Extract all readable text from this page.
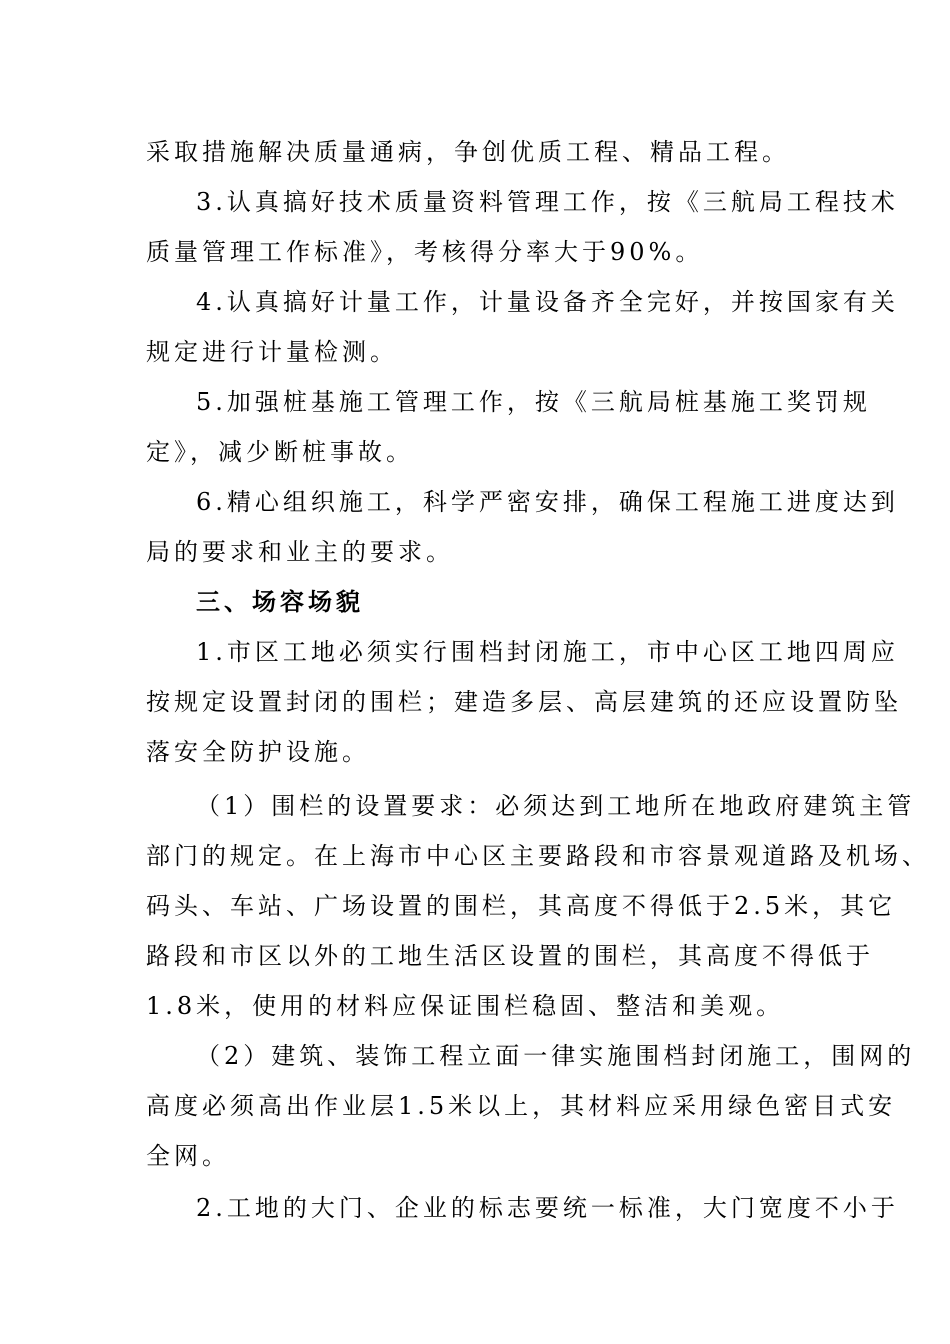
采取措施解决质量通病，争创优质工程、精品工程。
3.认真搞好技术质量资料管理工作，按《三航局工程技术
质量管理工作标准》，考核得分率大于90%。
4.认真搞好计量工作，计量设备齐全完好，并按国家有关
规定进行计量检测。
5.加强桩基施工管理工作，按《三航局桩基施工奖罚规
定》，减少断桩事故。
6.精心组织施工，科学严密安排，确保工程施工进度达到
局的要求和业主的要求。
三、场容场貌
1.市区工地必须实行围档封闭施工，市中心区工地四周应
按规定设置封闭的围栏；建造多层、高层建筑的还应设置防坠
落安全防护设施。
（1）围栏的设置要求：必须达到工地所在地政府建筑主管
部门的规定。在上海市中心区主要路段和市容景观道路及机场、
码头、车站、广场设置的围栏，其高度不得低于2.5米，其它
路段和市区以外的工地生活区设置的围栏，其高度不得低于
1.8米，使用的材料应保证围栏稳固、整洁和美观。
（2）建筑、装饰工程立面一律实施围档封闭施工，围网的
高度必须高出作业层1.5米以上，其材料应采用绿色密目式安
全网。
2.工地的大门、企业的标志要统一标准，大门宽度不小于
